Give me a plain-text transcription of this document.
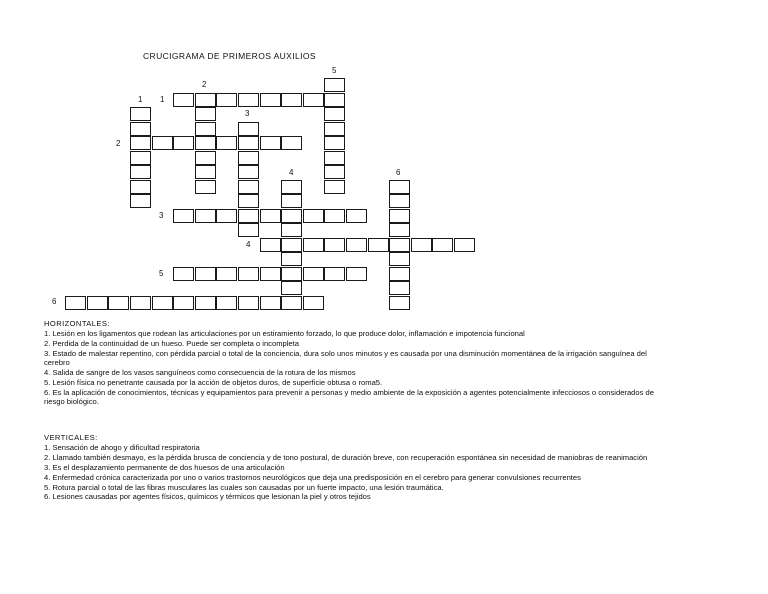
CRUCIGRAMA DE PRIMEROS AUXILIOS
1 1
2
5
3
2
4	6
3
4
5
6
HORIZONTALES:
1. Lesión en los ligamentos que rodean las articulaciones por un estiramiento forzado, lo que produce dolor, inflamación e impotencia funcional
2. Perdida de la continuidad de un hueso. Puede ser completa o incompleta
3. Estado de malestar repentino, con pérdida parcial o total de la conciencia, dura solo unos minutos y es causada por una disminución momentánea de la irrigación sanguínea del cerebro
4. Salida de sangre de los vasos sanguíneos como consecuencia de la rotura de los mismos
5. Lesión física no penetrante causada por la acción de objetos duros, de superficie obtusa o roma5.
6. Es la aplicación de conocimientos, técnicas y equipamientos para prevenir a personas y medio ambiente de la exposición a agentes potencialmente infecciosos o considerados de riesgo biológico.
VERTICALES:
1. Sensación de ahogo y dificultad respiratoria
2. Llamado también desmayo, es la pérdida brusca de conciencia y de tono postural, de duración breve, con recuperación espontánea sin necesidad de maniobras de reanimación
3. Es el desplazamiento permanente de dos huesos de una articulación
4. Enfermedad crónica caracterizada por uno o varios trastornos neurológicos que deja una predisposición en el cerebro para generar convulsiones recurrentes
5. Rotura parcial o total de las fibras musculares las cuales son causadas por un fuerte impacto, una lesión traumática.
6. Lesiones causadas por agentes físicos, químicos y térmicos que lesionan la piel y otros tejidos
